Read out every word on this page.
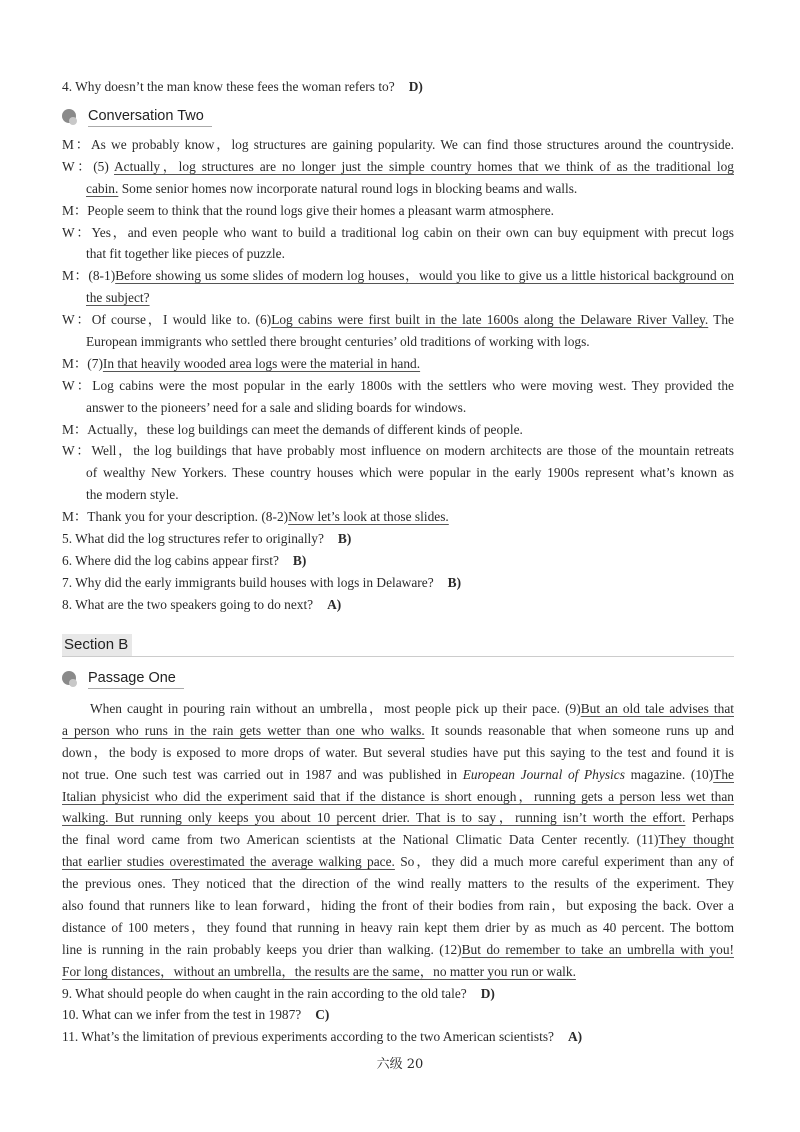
4. Why doesn’t the man know these fees the woman refers to? D)
Conversation Two
M：As we probably know，log structures are gaining popularity. We can find those structures around the countryside.
W：(5) Actually，log structures are no longer just the simple country homes that we think of as the traditional log
cabin. Some senior homes now incorporate natural round logs in blocking beams and walls.
M：People seem to think that the round logs give their homes a pleasant warm atmosphere.
W：Yes，and even people who want to build a traditional log cabin on their own can buy equipment with precut logs
that fit together like pieces of puzzle.
M：(8-1)Before showing us some slides of modern log houses，would you like to give us a little historical background on
the subject?
W：Of course，I would like to. (6)Log cabins were first built in the late 1600s along the Delaware River Valley. The
European immigrants who settled there brought centuries’ old traditions of working with logs.
M：(7)In that heavily wooded area logs were the material in hand.
W：Log cabins were the most popular in the early 1800s with the settlers who were moving west. They provided the
answer to the pioneers’ need for a sale and sliding boards for windows.
M：Actually，these log buildings can meet the demands of different kinds of people.
W：Well，the log buildings that have probably most influence on modern architects are those of the mountain retreats
of wealthy New Yorkers. These country houses which were popular in the early 1900s represent what’s known as
the modern style.
M：Thank you for your description. (8-2)Now let’s look at those slides.
5. What did the log structures refer to originally? B)
6. Where did the log cabins appear first? B)
7. Why did the early immigrants build houses with logs in Delaware? B)
8. What are the two speakers going to do next? A)
Section B
Passage One
When caught in pouring rain without an umbrella，most people pick up their pace. (9)But an old tale advises that
a person who runs in the rain gets wetter than one who walks. It sounds reasonable that when someone runs up and
down，the body is exposed to more drops of water. But several studies have put this saying to the test and found it is
not true. One such test was carried out in 1987 and was published in European Journal of Physics magazine. (10)The
Italian physicist who did the experiment said that if the distance is short enough，running gets a person less wet than
walking. But running only keeps you about 10 percent drier. That is to say，running isn’t worth the effort. Perhaps
the final word came from two American scientists at the National Climatic Data Center recently. (11)They thought
that earlier studies overestimated the average walking pace. So，they did a much more careful experiment than any of
the previous ones. They noticed that the direction of the wind really matters to the results of the experiment. They
also found that runners like to lean forward，hiding the front of their bodies from rain，but exposing the back. Over a
distance of 100 meters，they found that running in heavy rain kept them drier by as much as 40 percent. The bottom
line is running in the rain probably keeps you drier than walking. (12)But do remember to take an umbrella with you!
For long distances，without an umbrella，the results are the same，no matter you run or walk.
9. What should people do when caught in the rain according to the old tale? D)
10. What can we infer from the test in 1987? C)
11. What’s the limitation of previous experiments according to the two American scientists? A)
六级 20
